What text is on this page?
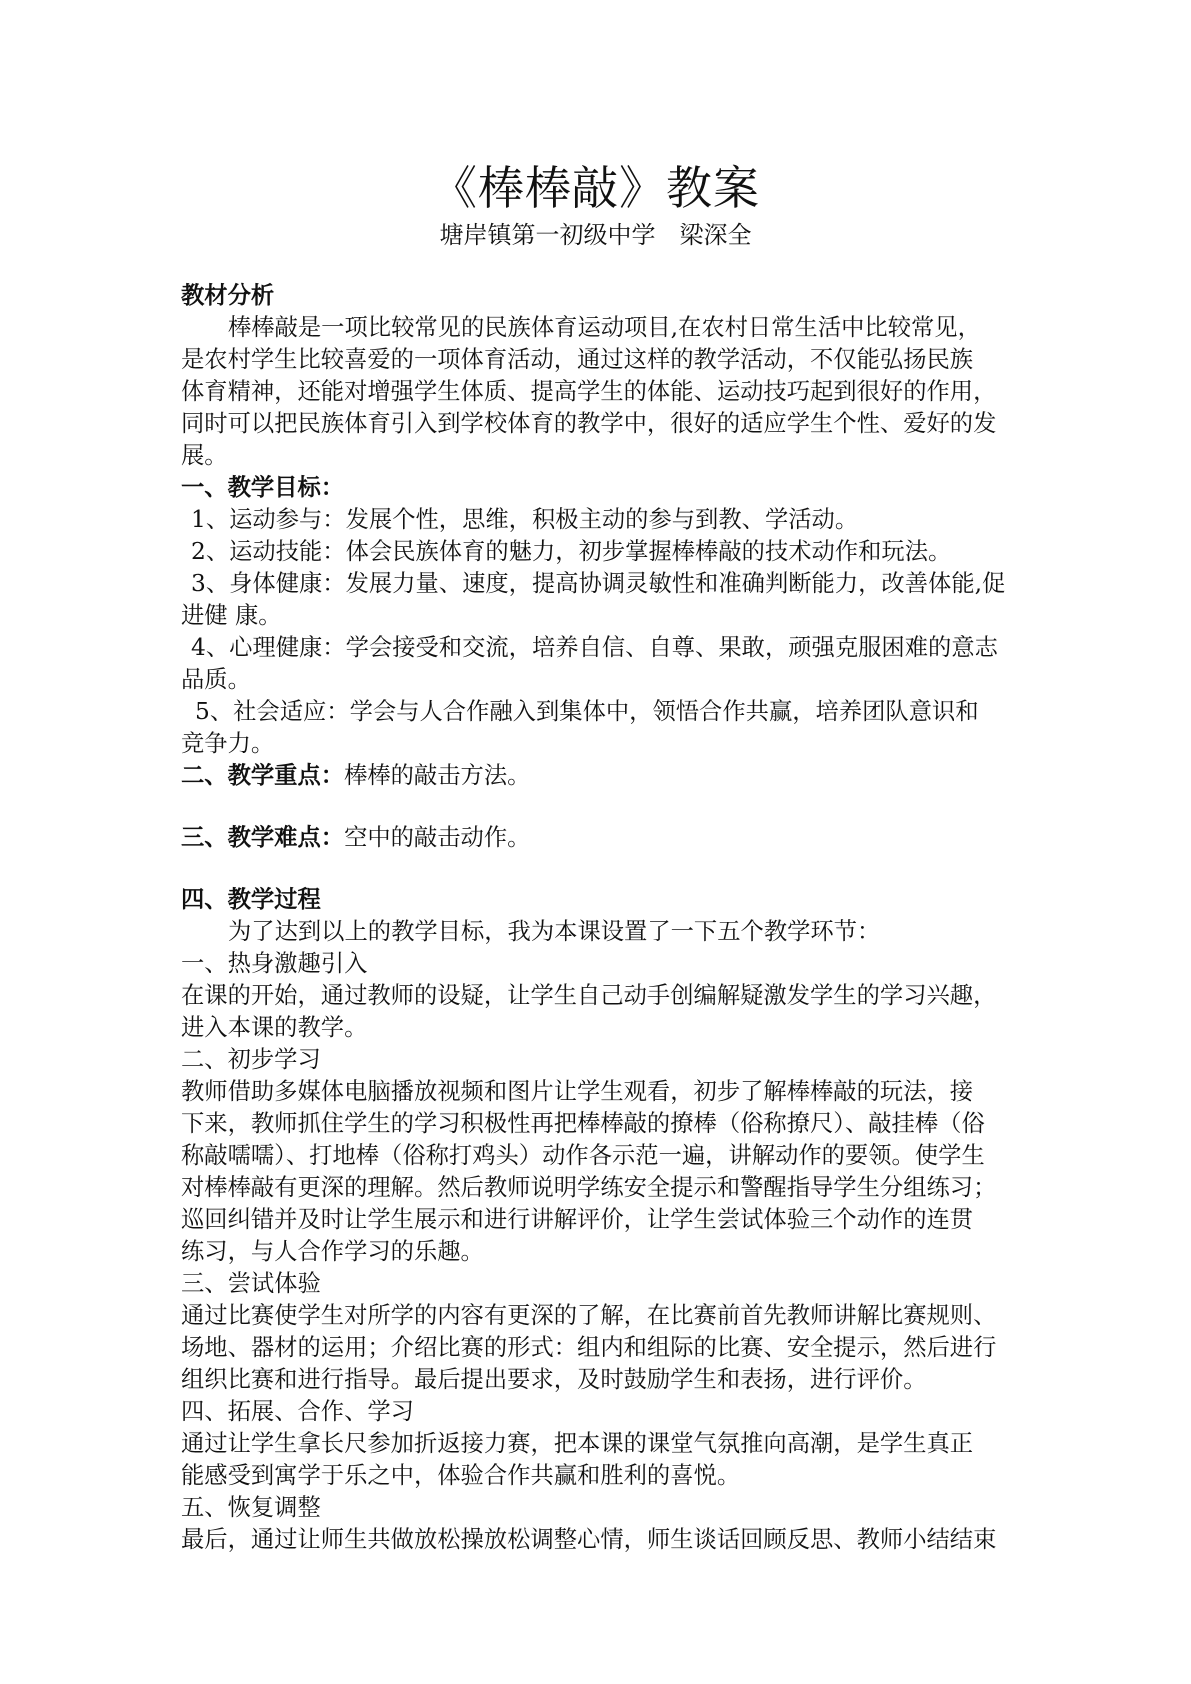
《棒棒敲》教案
塘岸镇第一初级中学　梁深全
教材分析
棒棒敲是一项比较常见的民族体育运动项目,在农村日常生活中比较常见，
是农村学生比较喜爱的一项体育活动，通过这样的教学活动，不仅能弘扬民族
体育精神，还能对增强学生体质、提高学生的体能、运动技巧起到很好的作用，
同时可以把民族体育引入到学校体育的教学中，很好的适应学生个性、爱好的发
展。
一、教学目标：
1、运动参与：发展个性，思维，积极主动的参与到教、学活动。
2、运动技能：体会民族体育的魅力，初步掌握棒棒敲的技术动作和玩法。
3、身体健康：发展力量、速度，提高协调灵敏性和准确判断能力，改善体能,促
进健 康。
4、心理健康：学会接受和交流，培养自信、自尊、果敢，顽强克服困难的意志
品质。
5、社会适应：学会与人合作融入到集体中，领悟合作共赢，培养团队意识和
竞争力。
二、教学重点：棒棒的敲击方法。
三、教学难点：空中的敲击动作。
四、教学过程
为了达到以上的教学目标，我为本课设置了一下五个教学环节：
一、热身激趣引入
在课的开始，通过教师的设疑，让学生自己动手创编解疑激发学生的学习兴趣，
进入本课的教学。
二、初步学习
教师借助多媒体电脑播放视频和图片让学生观看，初步了解棒棒敲的玩法，接
下来，教师抓住学生的学习积极性再把棒棒敲的撩棒（俗称撩尺）、敲挂棒（俗
称敲嚅嚅）、打地棒（俗称打鸡头）动作各示范一遍，讲解动作的要领。使学生
对棒棒敲有更深的理解。然后教师说明学练安全提示和警醒指导学生分组练习；
巡回纠错并及时让学生展示和进行讲解评价，让学生尝试体验三个动作的连贯
练习，与人合作学习的乐趣。
三、尝试体验
通过比赛使学生对所学的内容有更深的了解，在比赛前首先教师讲解比赛规则、
场地、器材的运用；介绍比赛的形式：组内和组际的比赛、安全提示，然后进行
组织比赛和进行指导。最后提出要求，及时鼓励学生和表扬，进行评价。
四、拓展、合作、学习
通过让学生拿长尺参加折返接力赛，把本课的课堂气氛推向高潮，是学生真正
能感受到寓学于乐之中，体验合作共赢和胜利的喜悦。
五、恢复调整
最后，通过让师生共做放松操放松调整心情，师生谈话回顾反思、教师小结结束
